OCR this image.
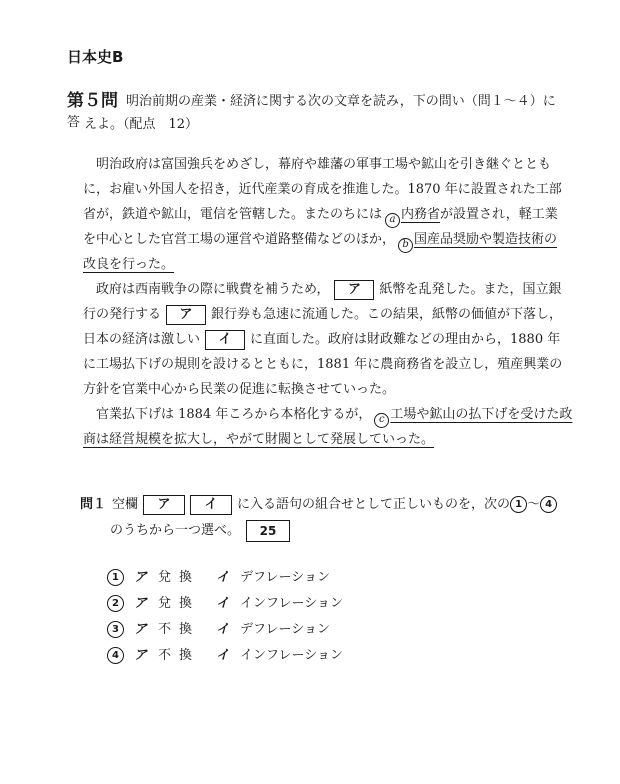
日本史B
第５問 明治前期の産業・経済に関する次の文章を読み，下の問い（問１～４）に答 えよ。（配点　12）
明治政府は富国強兵をめざし，幕府や雄藩の軍事工場や鉱山を引き継ぐととも
に，お雇い外国人を招き，近代産業の育成を推進した。1870 年に設置された工部
省が，鉄道や鉱山，電信を管轄した。またのちには a 内務省が設置され，軽工業
を中心とした官営工場の運営や道路整備などのほか， b 国産品奨励や製造技術の
改良を行った。
政府は西南戦争の際に戦費を補うため， ア 紙幣を乱発した。また，国立銀
行の発行する ア 銀行券も急速に流通した。この結果，紙幣の価値が下落し，
日本の経済は激しい イ に直面した。政府は財政難などの理由から，1880 年
に工場払下げの規則を設けるとともに，1881 年に農商務省を設立し，殖産興業の
方針を官業中心から民業の促進に転換させていった。
官業払下げは 1884 年ころから本格化するが， c 工場や鉱山の払下げを受けた政
商は経営規模を拡大し，やがて財閥として発展していった。
問１ 空欄 ア	イ に入る語句の組合せとして正しいものを，次の 1 ～ 4
のうちから一つ選べ。 25
1 ア 兌換 イ デフレーション
2 ア 兌換 イ インフレーション
3 ア 不換 イ デフレーション
4 ア 不換 イ インフレーション
